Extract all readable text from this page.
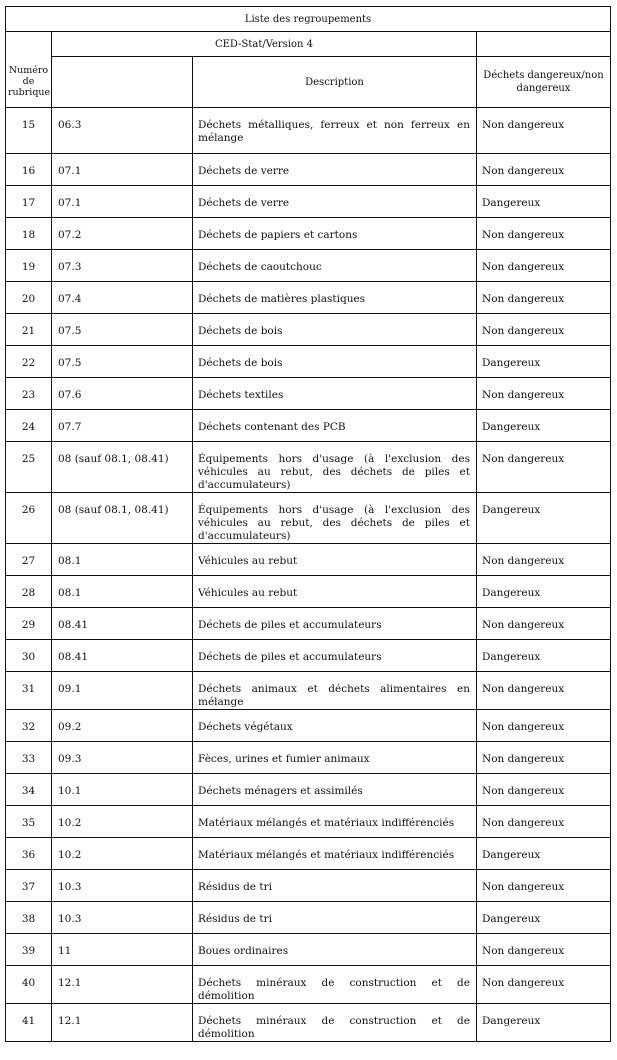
Liste des regroupements			
	CED-Stat/Version 4		
Numéro de rubrique		Description	Déchets dangereux/non dangereux
15	06.3	Déchets métalliques, ferreux et non ferreux en mélange	Non dangereux
16	07.1	Déchets de verre	Non dangereux
17	07.1	Déchets de verre	Dangereux
18	07.2	Déchets de papiers et cartons	Non dangereux
19	07.3	Déchets de caoutchouc	Non dangereux
20	07.4	Déchets de matières plastiques	Non dangereux
21	07.5	Déchets de bois	Non dangereux
22	07.5	Déchets de bois	Dangereux
23	07.6	Déchets textiles	Non dangereux
24	07.7	Déchets contenant des PCB	Dangereux
25	08 (sauf 08.1, 08.41)	Équipements hors d'usage (à l'exclusion des véhicules au rebut, des déchets de piles et d'accumulateurs)	Non dangereux
26	08 (sauf 08.1, 08.41)	Équipements hors d'usage (à l'exclusion des véhicules au rebut, des déchets de piles et d'accumulateurs)	Dangereux
27	08.1	Véhicules au rebut	Non dangereux
28	08.1	Véhicules au rebut	Dangereux
29	08.41	Déchets de piles et accumulateurs	Non dangereux
30	08.41	Déchets de piles et accumulateurs	Dangereux
31	09.1	Déchets animaux et déchets alimentaires en mélange	Non dangereux
32	09.2	Déchets végétaux	Non dangereux
33	09.3	Fèces, urines et fumier animaux	Non dangereux
34	10.1	Déchets ménagers et assimilés	Non dangereux
35	10.2	Matériaux mélangés et matériaux indifférenciés	Non dangereux
36	10.2	Matériaux mélangés et matériaux indifférenciés	Dangereux
37	10.3	Résidus de tri	Non dangereux
38	10.3	Résidus de tri	Dangereux
39	11	Boues ordinaires	Non dangereux
40	12.1	Déchets minéraux de construction et de démolition	Non dangereux
41	12.1	Déchets minéraux de construction et de démolition	Dangereux
